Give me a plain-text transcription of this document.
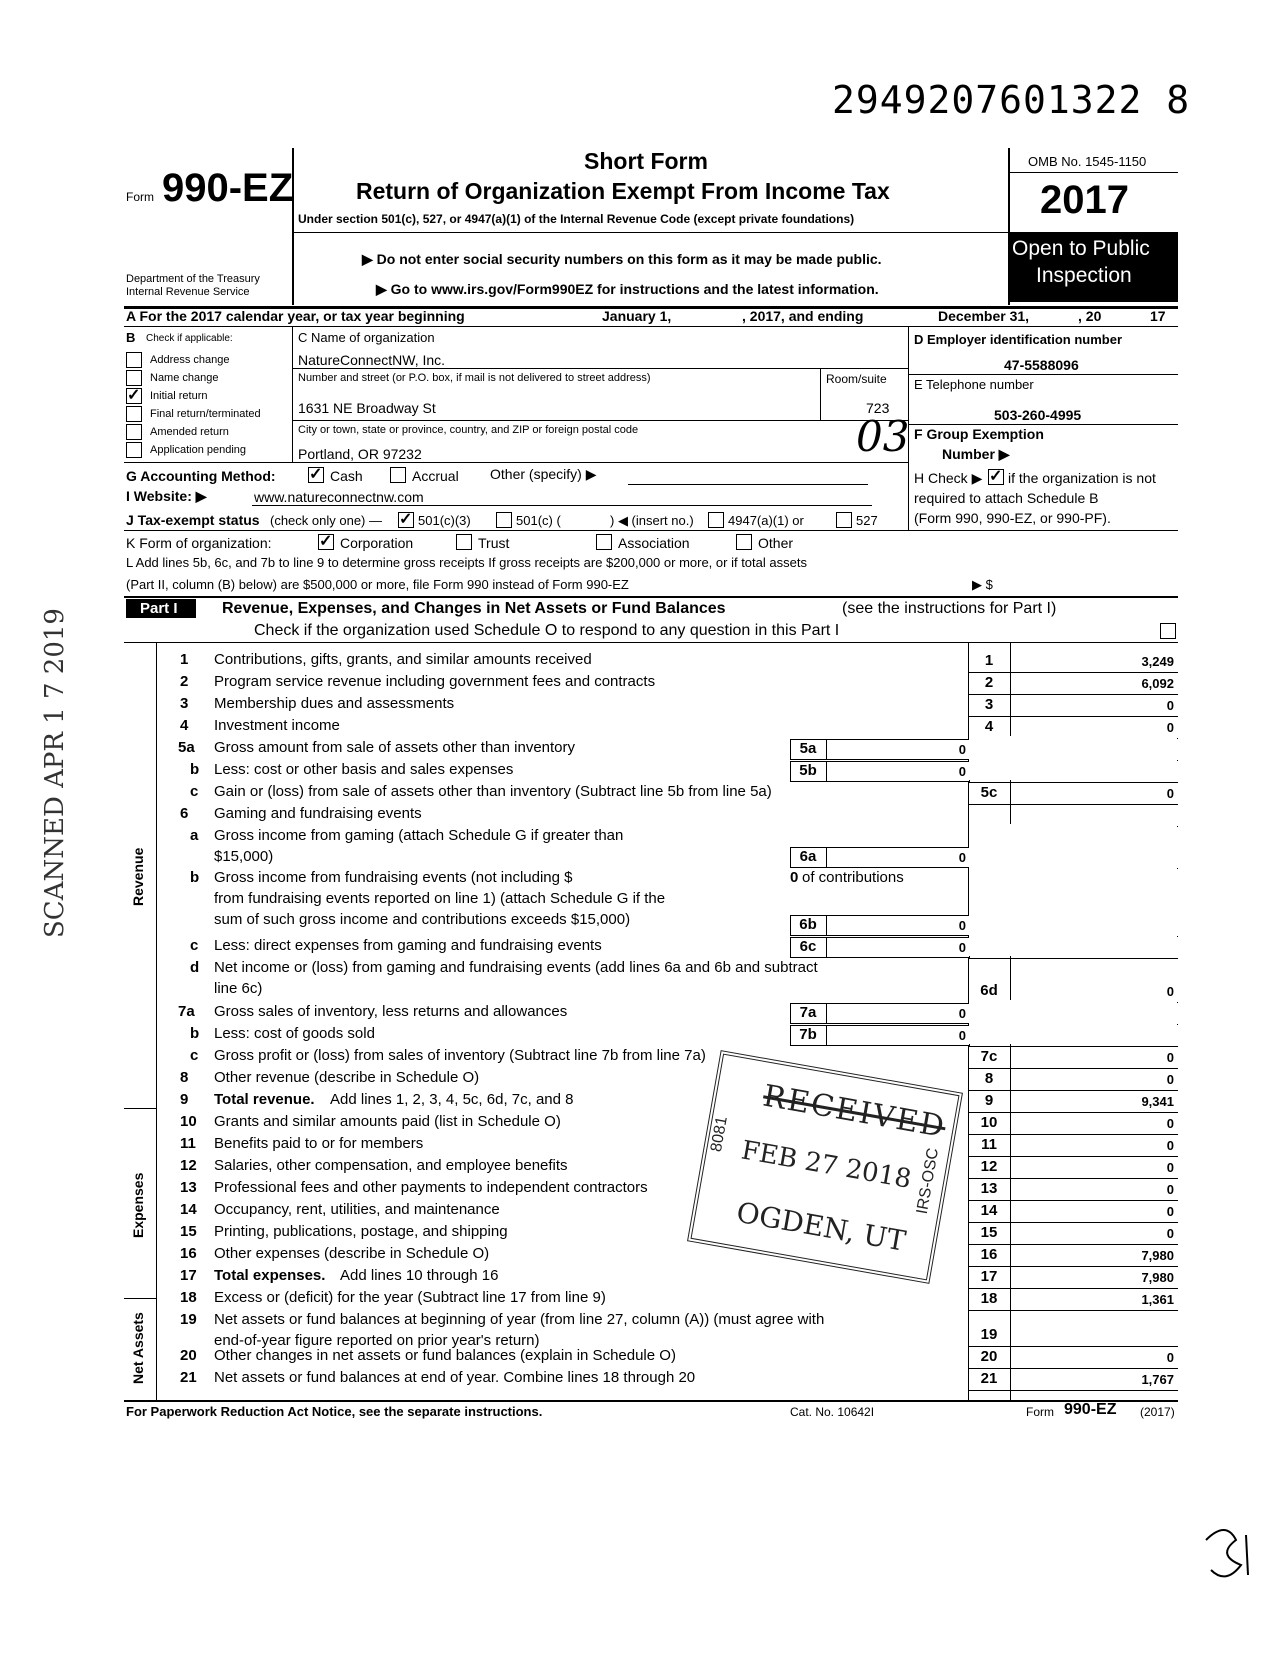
2949207601322 8
Form 990-EZ
Department of the Treasury
Internal Revenue Service
Short Form
Return of Organization Exempt From Income Tax
Under section 501(c), 527, or 4947(a)(1) of the Internal Revenue Code (except private foundations)
▶ Do not enter social security numbers on this form as it may be made public.
▶ Go to www.irs.gov/Form990EZ for instructions and the latest information.
OMB No. 1545-1150
2017
Open to Public
Inspection
A For the 2017 calendar year, or tax year beginning	January 1,	, 2017, and ending	December 31,	, 20	17
B Check if applicable:
Address change
Name change
✓
Initial return
Final return/terminated
Amended return
Application pending
C Name of organization
NatureConnectNW, Inc.
Number and street (or P.O. box, if mail is not delivered to street address)	Room/suite
1631 NE Broadway St	723
City or town, state or province, country, and ZIP or foreign postal code
Portland, OR 97232	03
D Employer identification number
47-5588096
E Telephone number
503-260-4995
F Group Exemption
Number ▶
G Accounting Method: ✓	Cash	Accrual Other (specify) ▶	H Check ▶ ✓ if the organization is not
required to attach Schedule B
(Form 990, 990-EZ, or 990-PF).
I Website: ▶	www.natureconnectnw.com
J Tax-exempt status (check only one) — ✓	501(c)(3)	501(c) (	) ◀ (insert no.)	4947(a)(1) or	527
K Form of organization: ✓	Corporation	Trust	Association	Other
L Add lines 5b, 6c, and 7b to line 9 to determine gross receipts If gross receipts are $200,000 or more, or if total assets
(Part II, column (B) below) are $500,000 or more, file Form 990 instead of Form 990-EZ	▶ $
Part I	Revenue, Expenses, and Changes in Net Assets or Fund Balances	(see the instructions for Part I)
Check if the organization used Schedule O to respond to any question in this Part I
Revenue
Expenses
Net Assets
1 Contributions, gifts, grants, and similar amounts received	1	3,249
2 Program service revenue including government fees and contracts	2	6,092
3 Membership dues and assessments	3	0
4 Investment income	4	0
5a Gross amount from sale of assets other than inventory	5a	0
b Less: cost or other basis and sales expenses	5b	0
c Gain or (loss) from sale of assets other than inventory (Subtract line 5b from line 5a)	5c	0
6 Gaming and fundraising events
a Gross income from gaming (attach Schedule G if greater than
$15,000)	6a	0
b Gross income from fundraising events (not including $	0 of contributions
from fundraising events reported on line 1) (attach Schedule G if the
sum of such gross income and contributions exceeds $15,000)	6b	0
c Less: direct expenses from gaming and fundraising events	6c	0
d Net income or (loss) from gaming and fundraising events (add lines 6a and 6b and subtract
line 6c)	6d	0
7a Gross sales of inventory, less returns and allowances	7a	0
b Less: cost of goods sold	7b	0
c Gross profit or (loss) from sales of inventory (Subtract line 7b from line 7a)	7c	0
8 Other revenue (describe in Schedule O)	8	0
9 Total revenue. Add lines 1, 2, 3, 4, 5c, 6d, 7c, and 8	9	9,341
10 Grants and similar amounts paid (list in Schedule O)	10	0
11 Benefits paid to or for members	11	0
12 Salaries, other compensation, and employee benefits	12	0
13 Professional fees and other payments to independent contractors	13	0
14 Occupancy, rent, utilities, and maintenance	14	0
15 Printing, publications, postage, and shipping	15	0
16 Other expenses (describe in Schedule O)	16	7,980
17 Total expenses. Add lines 10 through 16	17	7,980
18 Excess or (deficit) for the year (Subtract line 17 from line 9)	18	1,361
19 Net assets or fund balances at beginning of year (from line 27, column (A)) (must agree with
end-of-year figure reported on prior year's return)	19
20 Other changes in net assets or fund balances (explain in Schedule O)	20	0
21 Net assets or fund balances at end of year. Combine lines 18 through 20	21	1,767
RECEIVED
FEB 27 2018
OGDEN, UT
8081
IRS-OSC
SCANNED APR 1 7 2019
For Paperwork Reduction Act Notice, see the separate instructions.	Cat. No. 10642I	Form 990-EZ (2017)
